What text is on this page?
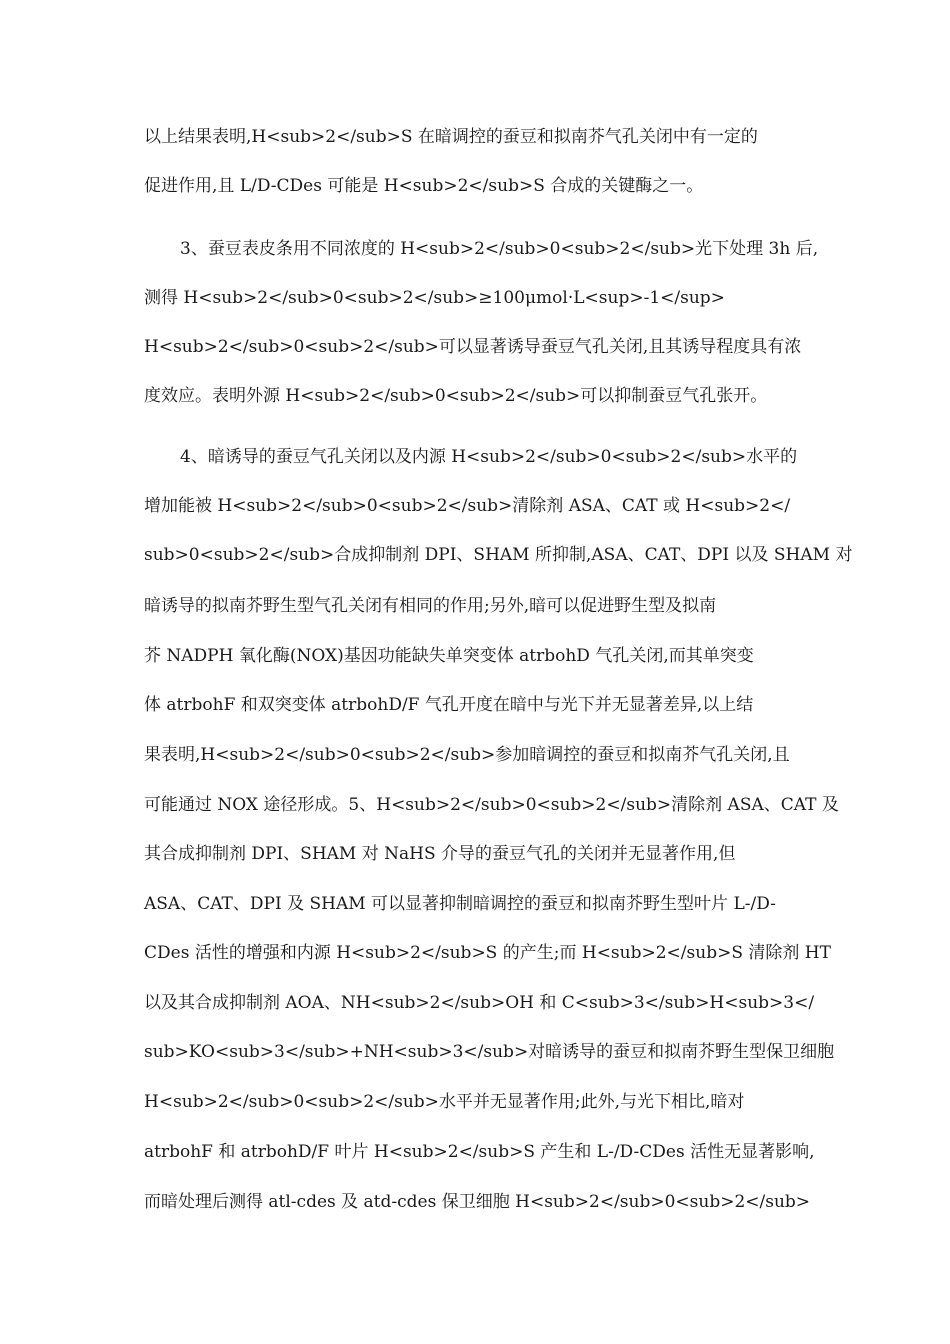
以上结果表明,H<sub>2</sub>S 在暗调控的蚕豆和拟南芥气孔关闭中有一定的
促进作用,且 L/D-CDes 可能是 H<sub>2</sub>S 合成的关键酶之一。
3、蚕豆表皮条用不同浓度的 H<sub>2</sub>0<sub>2</sub>光下处理 3h 后,
测得 H<sub>2</sub>0<sub>2</sub>≥100μmol·L<sup>-1</sup>
H<sub>2</sub>0<sub>2</sub>可以显著诱导蚕豆气孔关闭,且其诱导程度具有浓
度效应。表明外源 H<sub>2</sub>0<sub>2</sub>可以抑制蚕豆气孔张开。
4、暗诱导的蚕豆气孔关闭以及内源 H<sub>2</sub>0<sub>2</sub>水平的
增加能被 H<sub>2</sub>0<sub>2</sub>清除剂 ASA、CAT 或 H<sub>2</
sub>0<sub>2</sub>合成抑制剂 DPI、SHAM 所抑制,ASA、CAT、DPI 以及 SHAM 对
暗诱导的拟南芥野生型气孔关闭有相同的作用;另外,暗可以促进野生型及拟南
芥 NADPH 氧化酶(NOX)基因功能缺失单突变体 atrbohD 气孔关闭,而其单突变
体 atrbohF 和双突变体 atrbohD/F 气孔开度在暗中与光下并无显著差异,以上结
果表明,H<sub>2</sub>0<sub>2</sub>参加暗调控的蚕豆和拟南芥气孔关闭,且
可能通过 NOX 途径形成。5、H<sub>2</sub>0<sub>2</sub>清除剂 ASA、CAT 及
其合成抑制剂 DPI、SHAM 对 NaHS 介导的蚕豆气孔的关闭并无显著作用,但
ASA、CAT、DPI 及 SHAM 可以显著抑制暗调控的蚕豆和拟南芥野生型叶片 L-/D-
CDes 活性的增强和内源 H<sub>2</sub>S 的产生;而 H<sub>2</sub>S 清除剂 HT
以及其合成抑制剂 AOA、NH<sub>2</sub>OH 和 C<sub>3</sub>H<sub>3</
sub>KO<sub>3</sub>+NH<sub>3</sub>对暗诱导的蚕豆和拟南芥野生型保卫细胞
H<sub>2</sub>0<sub>2</sub>水平并无显著作用;此外,与光下相比,暗对
atrbohF 和 atrbohD/F 叶片 H<sub>2</sub>S 产生和 L-/D-CDes 活性无显著影响,
而暗处理后测得 atl-cdes 及 atd-cdes 保卫细胞 H<sub>2</sub>0<sub>2</sub>
